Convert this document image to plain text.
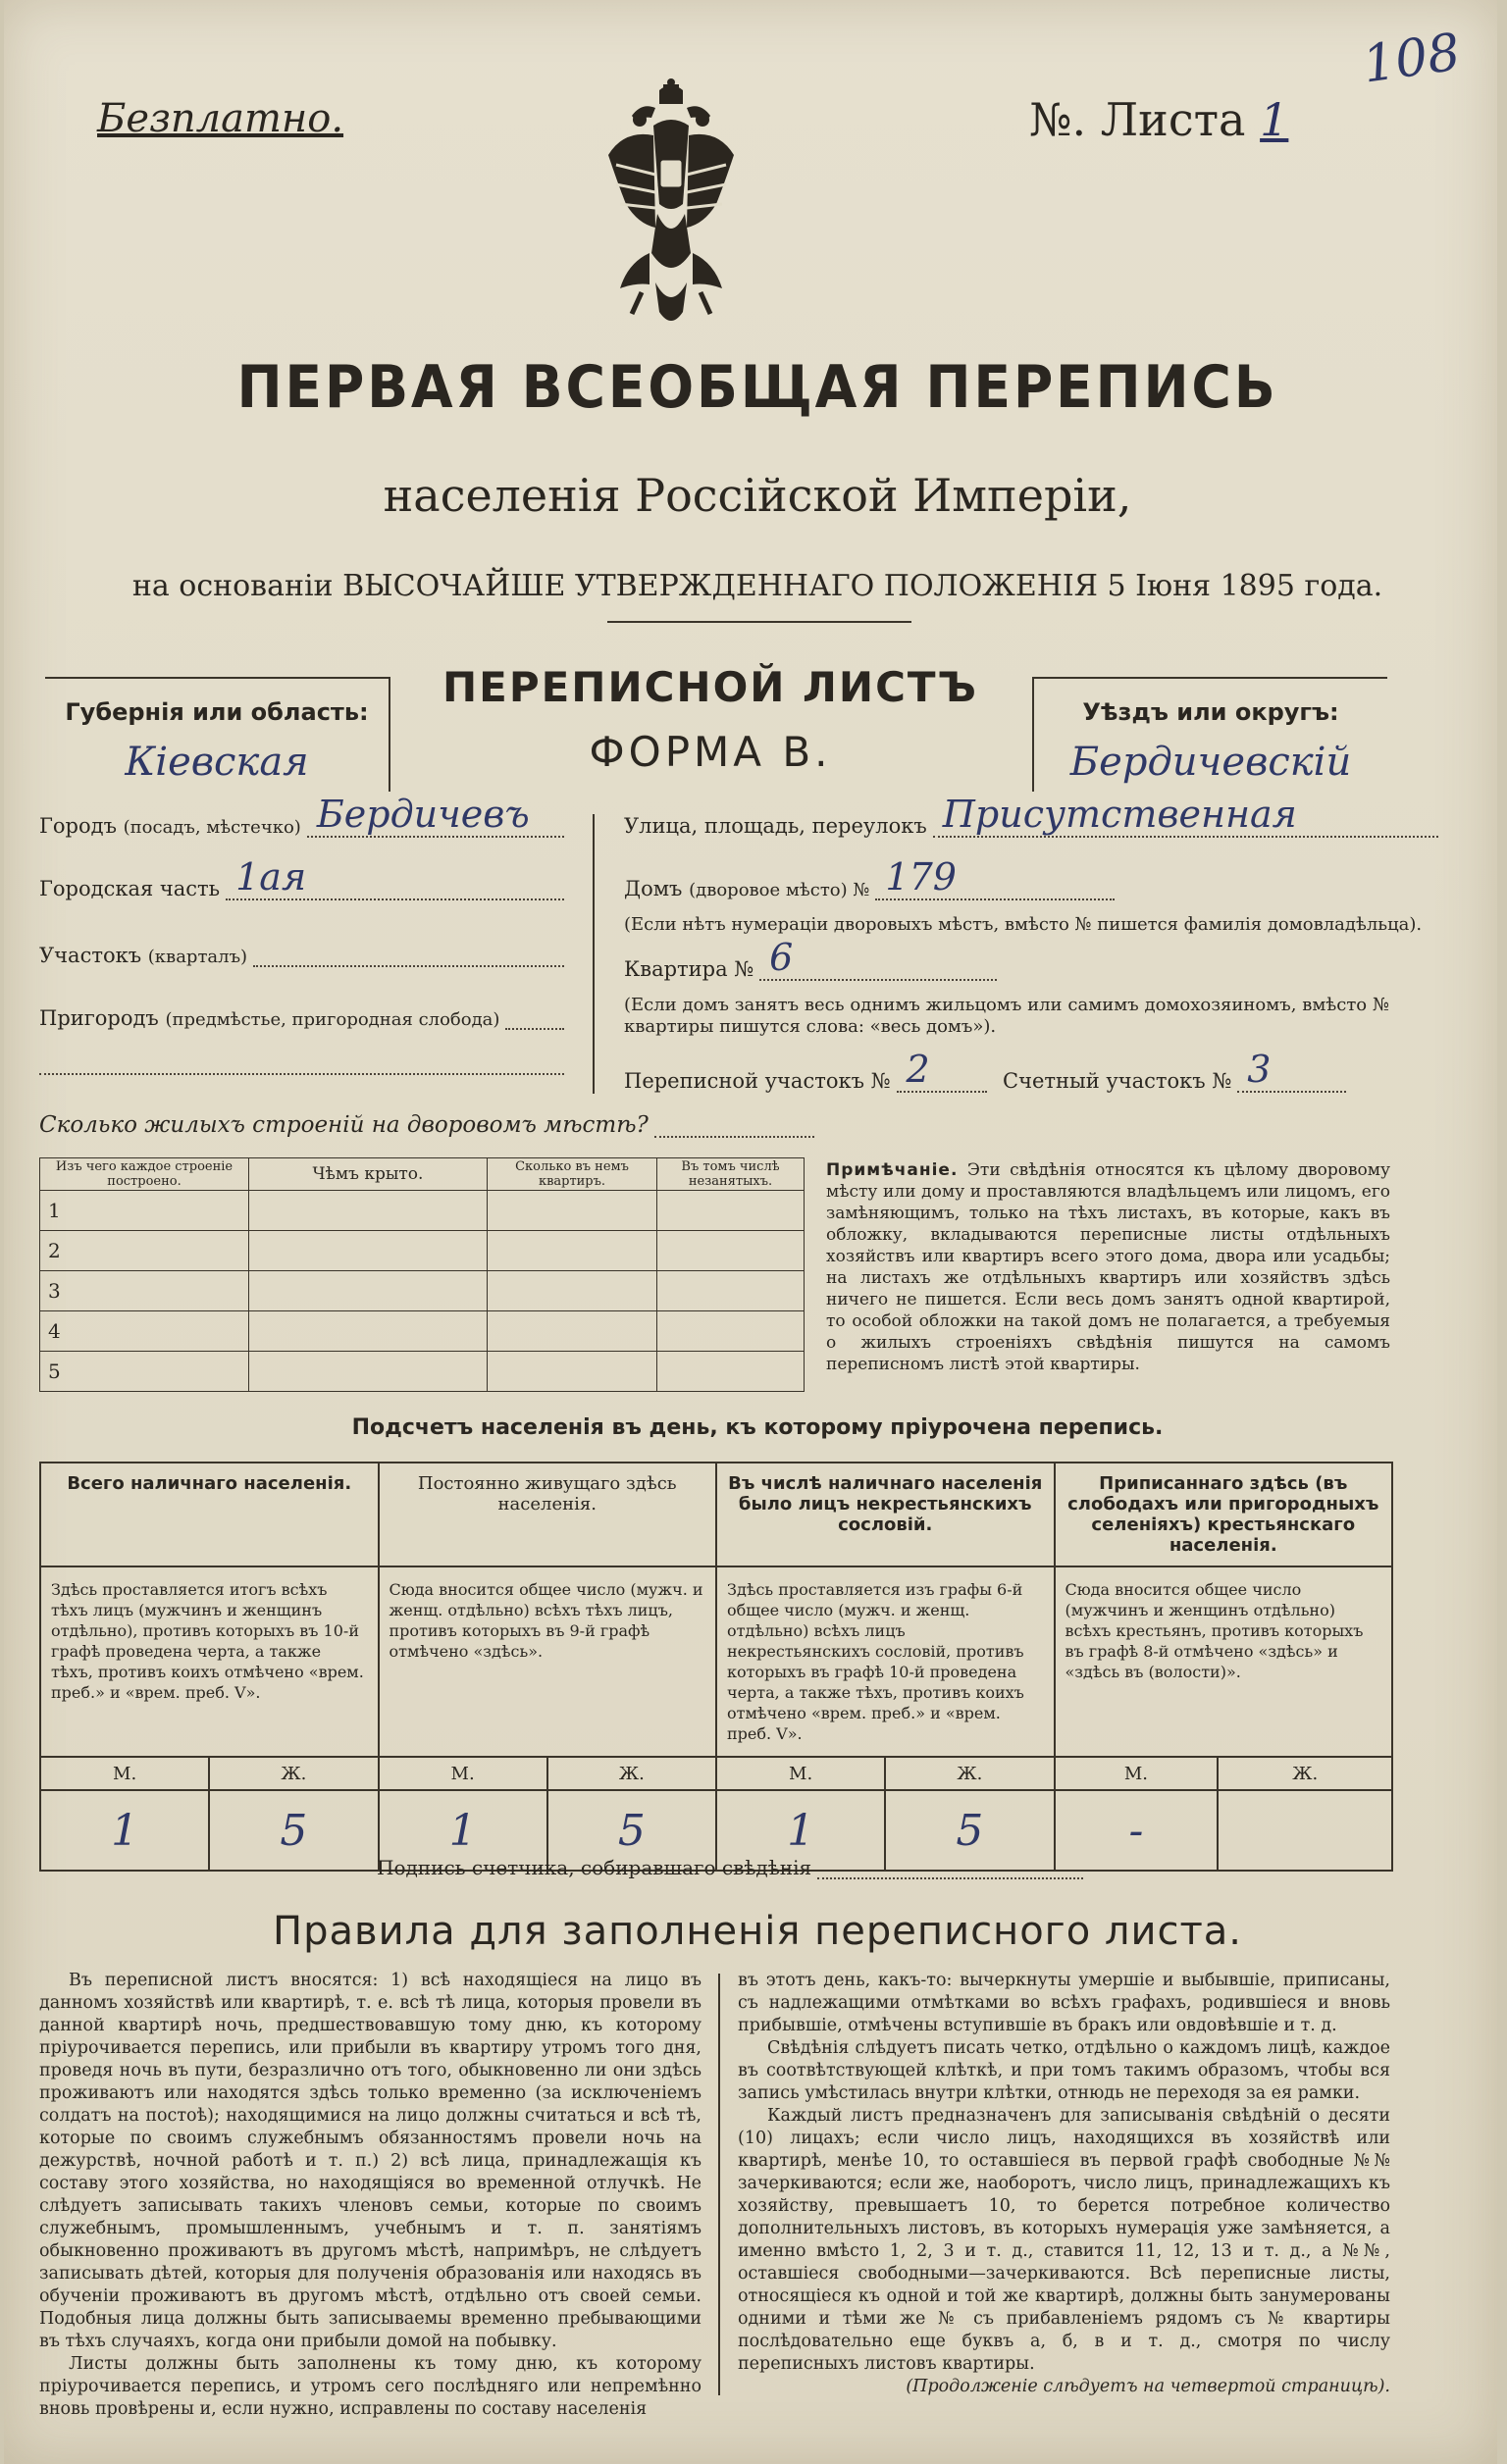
Безплатно.	№. Листа 1
108
ПЕРВАЯ ВСЕОБЩАЯ ПЕРЕПИСЬ
населенія Россійской Имперіи,
на основаніи ВЫСОЧАЙШЕ УТВЕРЖДЕННАГО ПОЛОЖЕНІЯ 5 Іюня 1895 года.
Губернія или область:
Кіевская
ПЕРЕПИСНОЙ ЛИСТЪ
ФОРМА В.
Уѣздъ или округъ:
Бердичевскій
Городъ
(посадъ, мѣстечко) Бердичевъ
Городская часть 1ая
Участокъ
(кварталъ)
Пригородъ
(предмѣстье, пригородная слобода)
Улица, площадь, переулокъ Присутственная
Домъ
(дворовое мѣсто) № 179
(Если нѣтъ нумераціи дворовыхъ мѣстъ, вмѣсто № пишется фамилія домовладѣльца).
Квартира № 6
(Если домъ занятъ весь однимъ жильцомъ или самимъ домохозяиномъ, вмѣсто № квартиры пишутся слова: «весь домъ»).
Переписной участокъ № 2	Счетный участокъ № 3
Сколько жилыхъ строеній на дворовомъ мѣстѣ?
Изъ чего каждое строеніе построено.	Чѣмъ крыто.	Сколько въ немъ квартиръ.	Въ томъ числѣ незанятыхъ.
1			
2			
3			
4			
5			
Примѣчаніе. Эти свѣдѣнія относятся къ цѣлому дворовому мѣсту или дому и проставляются владѣльцемъ или лицомъ, его замѣняющимъ, только на тѣхъ листахъ, въ которые, какъ въ обложку, вкладываются переписные листы отдѣльныхъ хозяйствъ или квартиръ всего этого дома, двора или усадьбы; на листахъ же отдѣльныхъ квартиръ или хозяйствъ здѣсь ничего не пишется. Если весь домъ занятъ одной квартирой, то особой обложки на такой домъ не полагается, а требуемыя о жилыхъ строеніяхъ свѣдѣнія пишутся на самомъ переписномъ листѣ этой квартиры.
Подсчетъ населенія въ день, къ которому пріурочена перепись.
Всего наличнаго населенія.		Постоянно живущаго здѣсь населенія.		Въ числѣ наличнаго населенія было лицъ некрестьянскихъ сословій.		Приписаннаго здѣсь (въ слободахъ или пригородныхъ селеніяхъ) крестьянскаго населенія.	
Здѣсь проставляется итогъ всѣхъ тѣхъ лицъ (мужчинъ и женщинъ отдѣльно), противъ которыхъ въ 10-й графѣ проведена черта, а также тѣхъ, противъ коихъ отмѣчено «врем. преб.» и «врем. преб. V».		Сюда вносится общее число (мужч. и женщ. отдѣльно) всѣхъ тѣхъ лицъ, противъ которыхъ въ 9-й графѣ отмѣчено «здѣсь».		Здѣсь проставляется изъ графы 6-й общее число (мужч. и женщ. отдѣльно) всѣхъ лицъ некрестьянскихъ сословій, противъ которыхъ въ графѣ 10-й проведена черта, а также тѣхъ, противъ коихъ отмѣчено «врем. преб.» и «врем. преб. V».		Сюда вносится общее число (мужчинъ и женщинъ отдѣльно) всѣхъ крестьянъ, противъ которыхъ въ графѣ 8-й отмѣчено «здѣсь» и «здѣсь въ (волости)».	
М.	Ж.	М.	Ж.	М.	Ж.	М.	Ж.
1	5	1	5	1	5	-	
Подпись счетчика, собиравшаго свѣдѣнія
Правила для заполненія переписного листа.

Въ переписной листъ вносятся: 1) всѣ находящіеся на лицо въ данномъ хозяйствѣ или квартирѣ, т. е. всѣ тѣ лица, которыя провели въ данной квартирѣ ночь, предшествовавшую тому дню, къ которому пріурочивается перепись, или прибыли въ квартиру утромъ того дня, проведя ночь въ пути, безразлично отъ того, обыкновенно ли они здѣсь проживаютъ или находятся здѣсь только временно (за исключеніемъ солдатъ на постоѣ); находящимися на лицо должны считаться и всѣ тѣ, которые по своимъ служебнымъ обязанностямъ провели ночь на дежурствѣ, ночной работѣ и т. п.) 2) всѣ лица, принадлежащія къ составу этого хозяйства, но находящіяся во временной отлучкѣ. Не слѣдуетъ записывать такихъ членовъ семьи, которые по своимъ служебнымъ, промышленнымъ, учебнымъ и т. п. занятіямъ обыкновенно проживаютъ въ другомъ мѣстѣ, напримѣръ, не слѣдуетъ записывать дѣтей, которыя для полученія образованія или находясь въ обученіи проживаютъ въ другомъ мѣстѣ, отдѣльно отъ своей семьи. Подобныя лица должны быть записываемы временно пребывающими въ тѣхъ случаяхъ, когда они прибыли домой на побывку.

Листы должны быть заполнены къ тому дню, къ которому пріурочивается перепись, и утромъ сего послѣдняго или непремѣнно вновь провѣрены и, если нужно, исправлены по составу населенія

въ этотъ день, какъ-то: вычеркнуты умершіе и выбывшіе, приписаны, съ надлежащими отмѣтками во всѣхъ графахъ, родившіеся и вновь прибывшіе, отмѣчены вступившіе въ бракъ или овдовѣвшіе и т. д.

Свѣдѣнія слѣдуетъ писать четко, отдѣльно о каждомъ лицѣ, каждое въ соотвѣтствующей клѣткѣ, и при томъ такимъ образомъ, чтобы вся запись умѣстилась внутри клѣтки, отнюдь не переходя за ея рамки.

Каждый листъ предназначенъ для записыванія свѣдѣній о десяти (10) лицахъ; если число лицъ, находящихся въ хозяйствѣ или квартирѣ, менѣе 10, то оставшіеся въ первой графѣ свободные №№ зачеркиваются; если же, наоборотъ, число лицъ, принадлежащихъ къ хозяйству, превышаетъ 10, то берется потребное количество дополнительныхъ листовъ, въ которыхъ нумерація уже замѣняется, а именно вмѣсто 1, 2, 3 и т. д., ставится 11, 12, 13 и т. д., а №№, оставшіеся свободными—зачеркиваются. Всѣ переписные листы, относящіеся къ одной и той же квартирѣ, должны быть занумерованы одними и тѣми же № съ прибавленіемъ рядомъ съ № квартиры послѣдовательно еще буквъ а, б, в и т. д., смотря по числу переписныхъ листовъ квартиры.

(Продолженіе слѣдуетъ на четвертой страницѣ).
